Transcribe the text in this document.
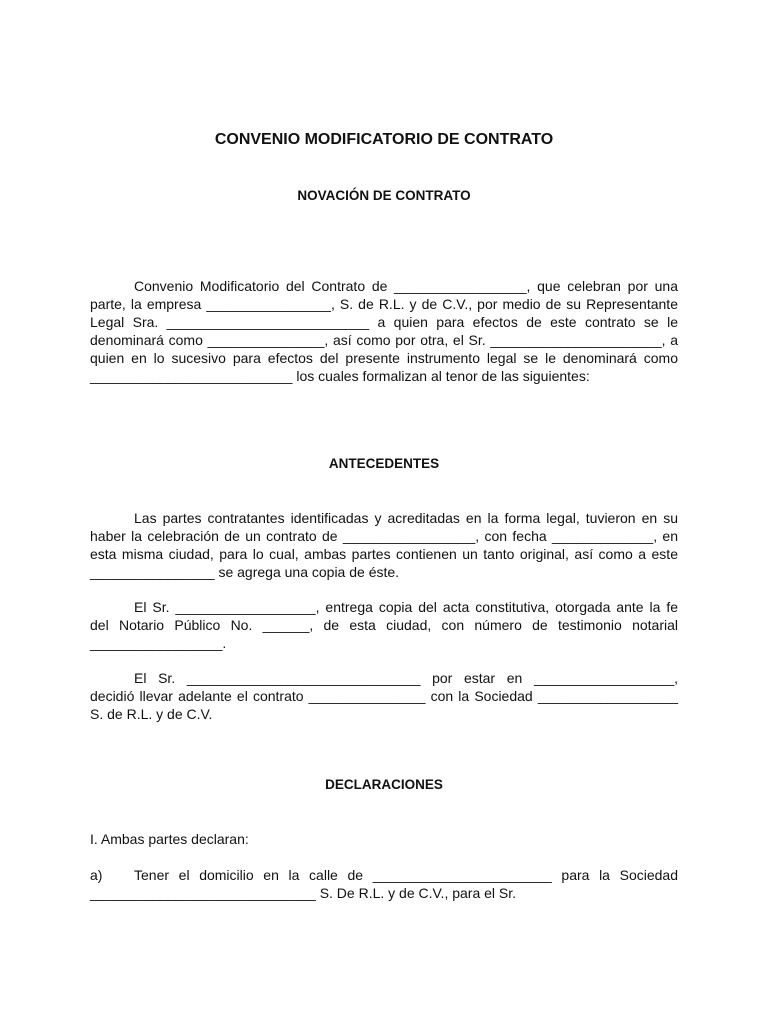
CONVENIO MODIFICATORIO DE CONTRATO
NOVACIÓN DE CONTRATO

Convenio Modificatorio del Contrato de _________________, que celebran por una parte, la empresa ________________, S. de R.L. y de C.V., por medio de su Representante Legal Sra. __________________________ a quien para efectos de este contrato se le denominará como _______________, así como por otra, el Sr. ______________________, a quien en lo sucesivo para efectos del presente instrumento legal se le denominará como __________________________ los cuales formalizan al tenor de las siguientes:

ANTECEDENTES

Las partes contratantes identificadas y acreditadas en la forma legal, tuvieron en su haber la celebración de un contrato de _________________, con fecha _____________, en esta misma ciudad, para lo cual, ambas partes contienen un tanto original, así como a este ________________ se agrega una copia de éste.

El Sr. __________________, entrega copia del acta constitutiva, otorgada ante la fe del Notario Público No. ______, de esta ciudad, con número de testimonio notarial _________________.

El Sr. ______________________________ por estar en __________________, decidió llevar adelante el contrato _______________ con la Sociedad __________________ S. de R.L. y de C.V.

DECLARACIONES

I. Ambas partes declaran:

a)	Tener el domicilio en la calle de _______________________ para la Sociedad _____________________________ S. De R.L. y de C.V., para el Sr.
